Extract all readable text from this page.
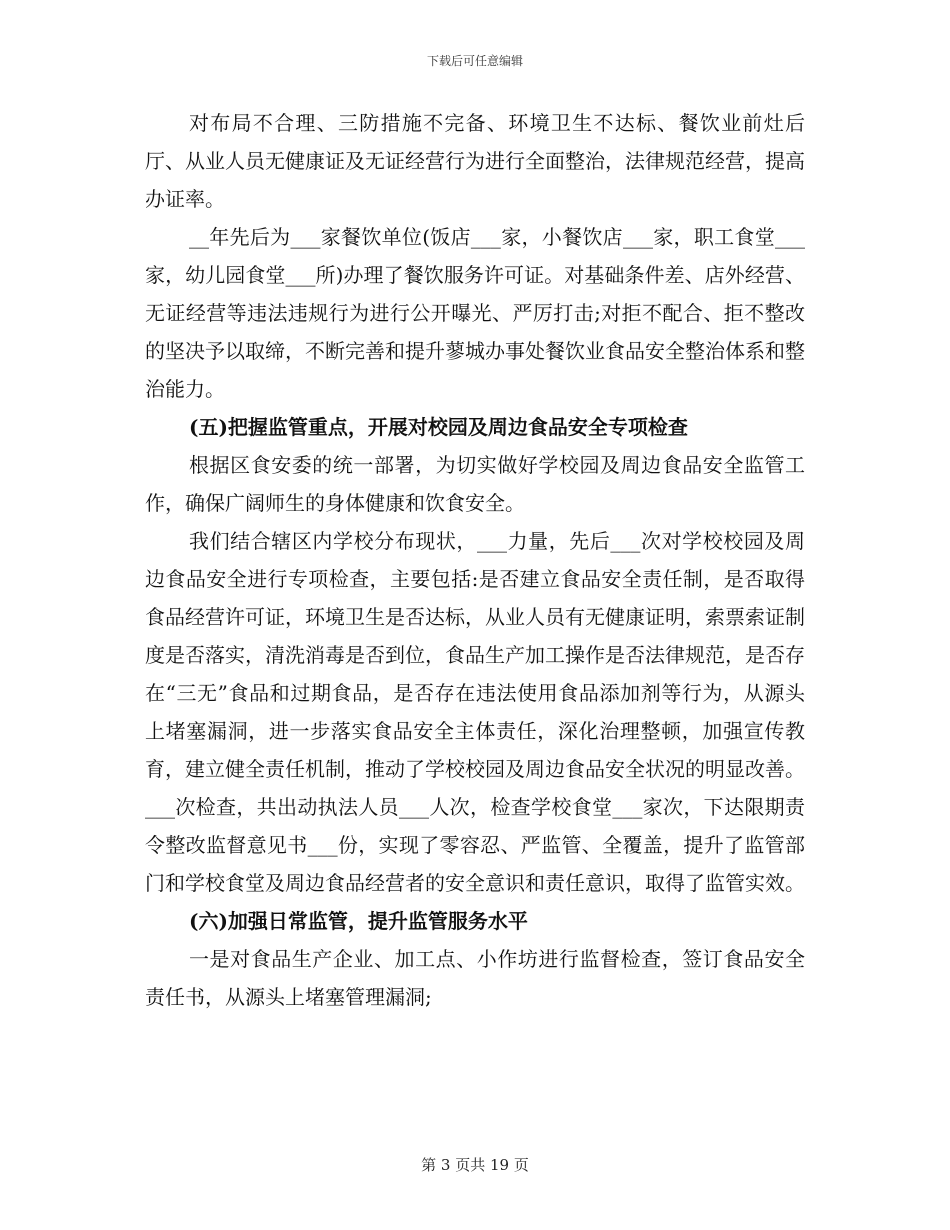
下载后可任意编辑

对布局不合理、三防措施不完备、环境卫生不达标、餐饮业前灶后厅、从业人员无健康证及无证经营行为进行全面整治，法律规范经营，提高办证率。

__年先后为___家餐饮单位(饭店___家，小餐饮店___家，职工食堂___家，幼儿园食堂___所)办理了餐饮服务许可证。对基础条件差、店外经营、无证经营等违法违规行为进行公开曝光、严厉打击;对拒不配合、拒不整改的坚决予以取缔，不断完善和提升蓼城办事处餐饮业食品安全整治体系和整治能力。

(五)把握监管重点，开展对校园及周边食品安全专项检查

根据区食安委的统一部署，为切实做好学校园及周边食品安全监管工作，确保广阔师生的身体健康和饮食安全。

我们结合辖区内学校分布现状，___力量，先后___次对学校校园及周边食品安全进行专项检查，主要包括:是否建立食品安全责任制，是否取得食品经营许可证，环境卫生是否达标，从业人员有无健康证明，索票索证制度是否落实，清洗消毒是否到位，食品生产加工操作是否法律规范，是否存在“三无”食品和过期食品，是否存在违法使用食品添加剂等行为，从源头上堵塞漏洞，进一步落实食品安全主体责任，深化治理整顿，加强宣传教育，建立健全责任机制，推动了学校校园及周边食品安全状况的明显改善。___次检查，共出动执法人员___人次，检查学校食堂___家次，下达限期责令整改监督意见书___份，实现了零容忍、严监管、全覆盖，提升了监管部门和学校食堂及周边食品经营者的安全意识和责任意识，取得了监管实效。

(六)加强日常监管，提升监管服务水平

一是对食品生产企业、加工点、小作坊进行监督检查，签订食品安全责任书，从源头上堵塞管理漏洞;

第 3 页共 19 页
